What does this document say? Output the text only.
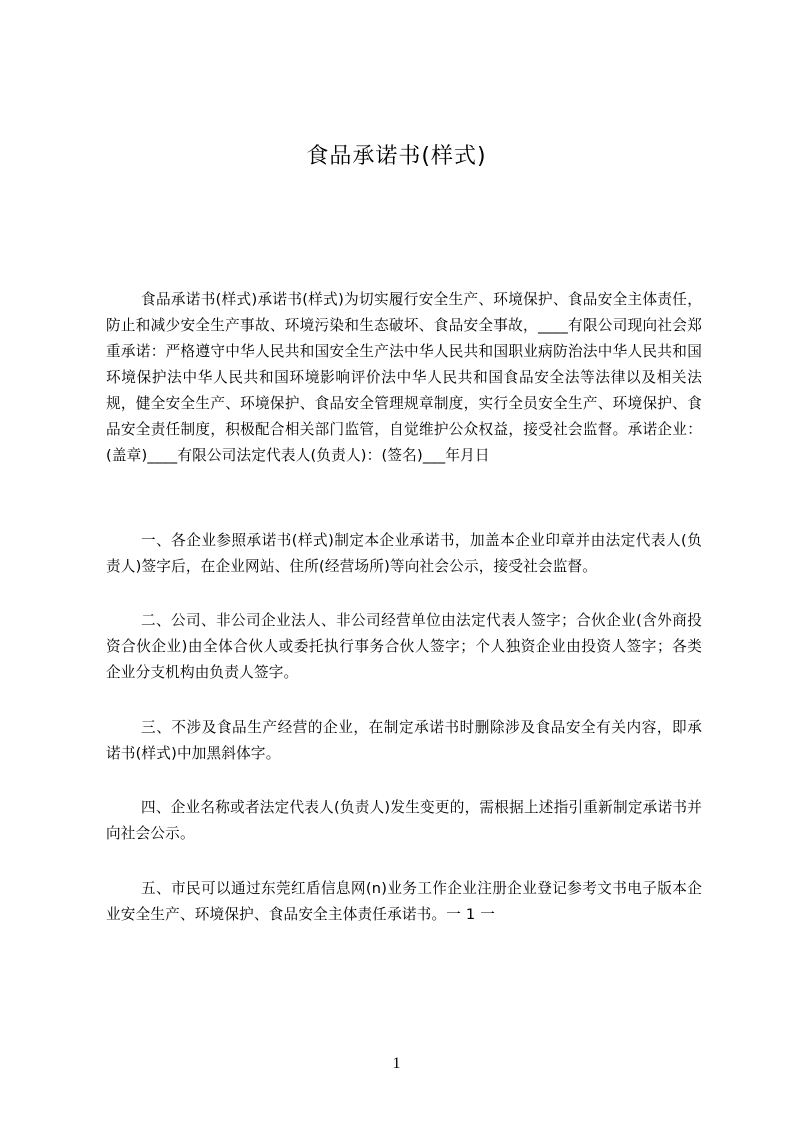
食品承诺书(样式)

食品承诺书(样式)承诺书(样式)为切实履行安全生产、环境保护、食品安全主体责任，防止和减少安全生产事故、环境污染和生态破坏、食品安全事故，____有限公司现向社会郑重承诺：严格遵守中华人民共和国安全生产法中华人民共和国职业病防治法中华人民共和国环境保护法中华人民共和国环境影响评价法中华人民共和国食品安全法等法律以及相关法规，健全安全生产、环境保护、食品安全管理规章制度，实行全员安全生产、环境保护、食品安全责任制度，积极配合相关部门监管，自觉维护公众权益，接受社会监督。承诺企业：(盖章)____有限公司法定代表人(负责人)：(签名)___年月日

一、各企业参照承诺书(样式)制定本企业承诺书，加盖本企业印章并由法定代表人(负责人)签字后，在企业网站、住所(经营场所)等向社会公示，接受社会监督。

二、公司、非公司企业法人、非公司经营单位由法定代表人签字；合伙企业(含外商投资合伙企业)由全体合伙人或委托执行事务合伙人签字；个人独资企业由投资人签字；各类企业分支机构由负责人签字。

三、不涉及食品生产经营的企业，在制定承诺书时删除涉及食品安全有关内容，即承诺书(样式)中加黑斜体字。

四、企业名称或者法定代表人(负责人)发生变更的，需根据上述指引重新制定承诺书并向社会公示。

五、市民可以通过东莞红盾信息网(n)业务工作企业注册企业登记参考文书电子版本企业安全生产、环境保护、食品安全主体责任承诺书。一 1 一

1
